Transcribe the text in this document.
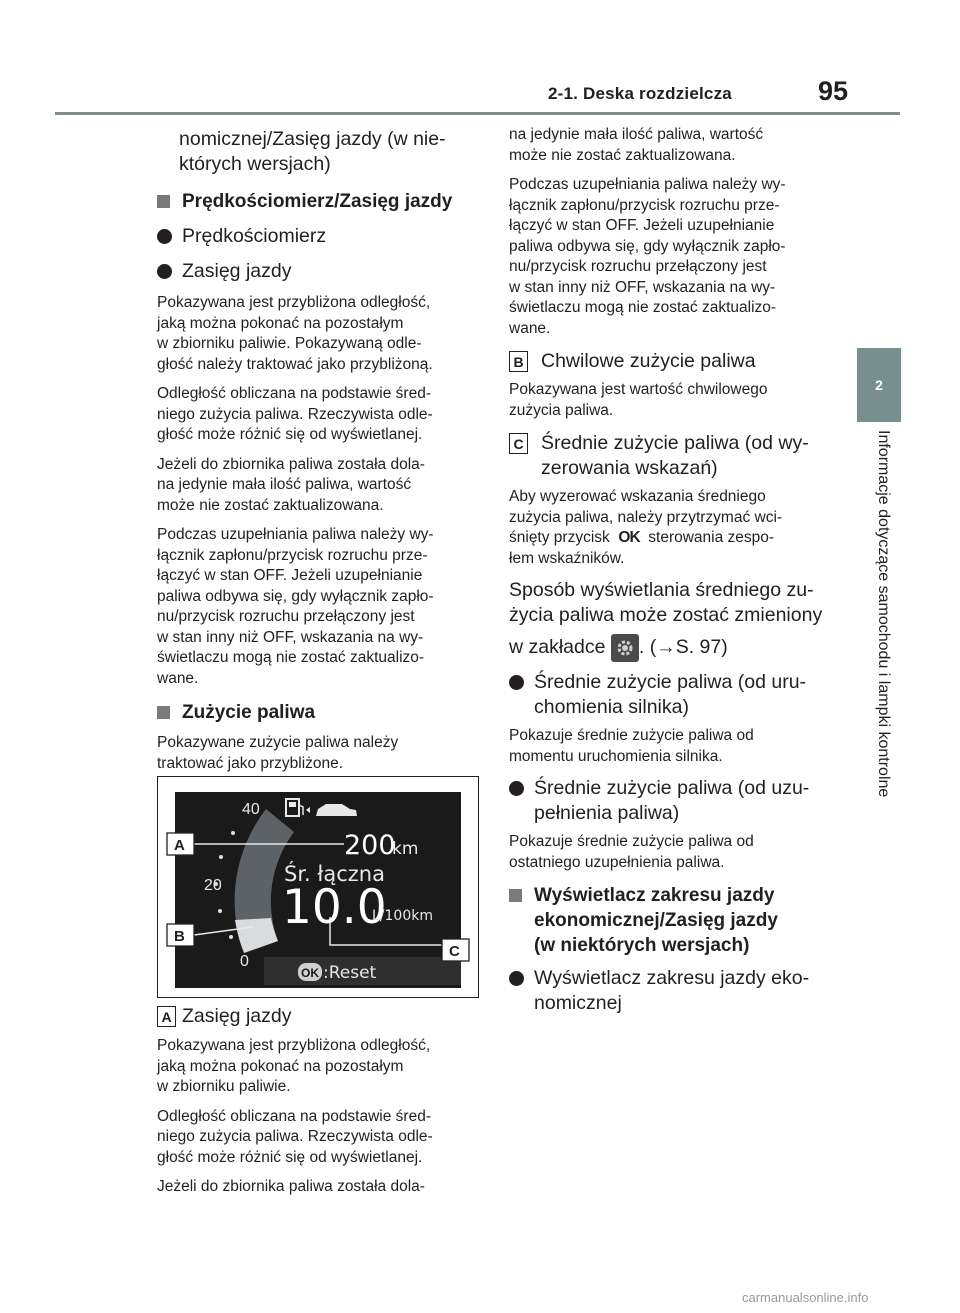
2-1. Deska rozdzielcza	95
2
Informacje dotyczące samochodu i lampki kontrolne

nomicznej/Zasięg jazdy (w nie-

których wersjach)

Prędkościomierz/Zasięg jazdy
Prędkościomierz
Zasięg jazdy

Pokazywana jest przybliżona odległość,

jaką można pokonać na pozostałym

w zbiorniku paliwie. Pokazywaną odle-

głość należy traktować jako przybliżoną.

Odległość obliczana na podstawie śred-

niego zużycia paliwa. Rzeczywista odle-

głość może różnić się od wyświetlanej.

Jeżeli do zbiornika paliwa została dola-

na jedynie mała ilość paliwa, wartość

może nie zostać zaktualizowana.

Podczas uzupełniania paliwa należy wy-

łącznik zapłonu/przycisk rozruchu prze-

łączyć w stan OFF. Jeżeli uzupełnianie

paliwa odbywa się, gdy wyłącznik zapło-

nu/przycisk rozruchu przełączony jest

w stan inny niż OFF, wskazania na wy-

świetlaczu mogą nie zostać zaktualizo-

wane.

Zużycie paliwa

Pokazywane zużycie paliwa należy

traktować jako przybliżone.

40
20
0
200
km
Śr. łączna
10.0
L/100km
OK :Reset
A
B
C
A Zasięg jazdy

Pokazywana jest przybliżona odległość,

jaką można pokonać na pozostałym

w zbiorniku paliwie.

Odległość obliczana na podstawie śred-

niego zużycia paliwa. Rzeczywista odle-

głość może różnić się od wyświetlanej.

Jeżeli do zbiornika paliwa została dola-

na jedynie mała ilość paliwa, wartość

może nie zostać zaktualizowana.

Podczas uzupełniania paliwa należy wy-

łącznik zapłonu/przycisk rozruchu prze-

łączyć w stan OFF. Jeżeli uzupełnianie

paliwa odbywa się, gdy wyłącznik zapło-

nu/przycisk rozruchu przełączony jest

w stan inny niż OFF, wskazania na wy-

świetlaczu mogą nie zostać zaktualizo-

wane.

B Chwilowe zużycie paliwa

Pokazywana jest wartość chwilowego

zużycia paliwa.

C Średnie zużycie paliwa (od wy-

zerowania wskazań)

Aby wyzerować wskazania średniego

zużycia paliwa, należy przytrzymać wci-

śnięty przycisk OK sterowania zespo-

łem wskaźników.

Sposób wyświetlania średniego zu-

życia paliwa może zostać zmieniony

w zakładce . (→S. 97)

Średnie zużycie paliwa (od uru-

chomienia silnika)

Pokazuje średnie zużycie paliwa od

momentu uruchomienia silnika.

Średnie zużycie paliwa (od uzu-

pełnienia paliwa)

Pokazuje średnie zużycie paliwa od

ostatniego uzupełnienia paliwa.

Wyświetlacz zakresu jazdy

ekonomicznej/Zasięg jazdy

(w niektórych wersjach)

Wyświetlacz zakresu jazdy eko-

nomicznej

carmanualsonline.info
